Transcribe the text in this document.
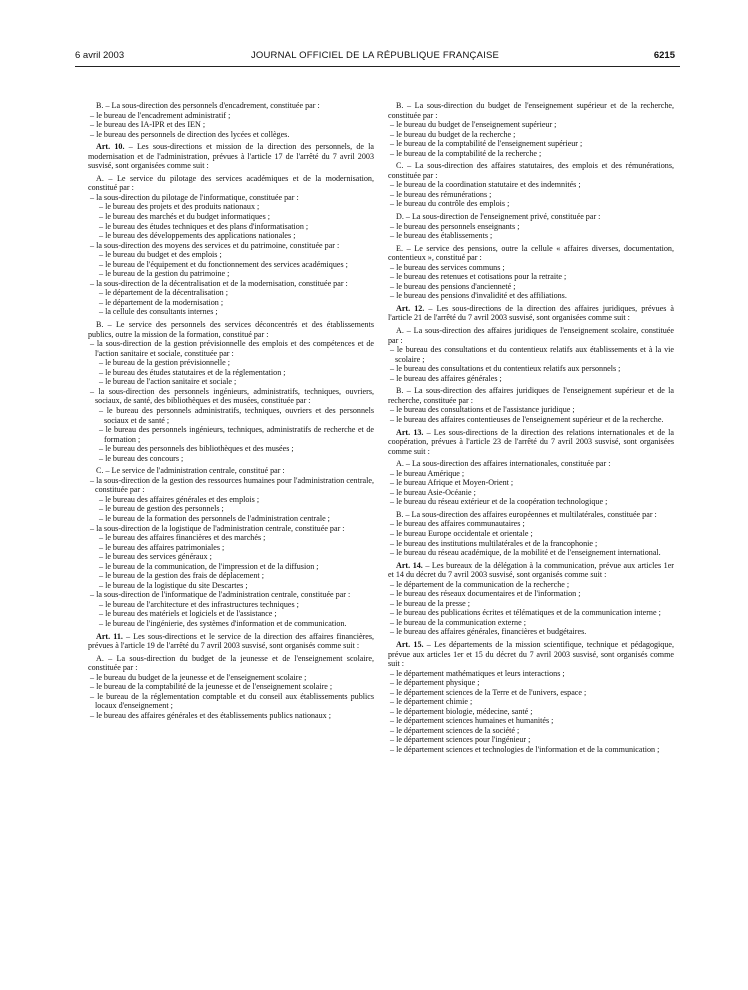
6 avril 2003	JOURNAL OFFICIEL DE LA RÉPUBLIQUE FRANÇAISE	6215
B. – La sous-direction des personnels d'encadrement, constituée par :
– le bureau de l'encadrement administratif ;
– le bureau des IA-IPR et des IEN ;
– le bureau des personnels de direction des lycées et collèges.
Art. 10. – Les sous-directions et mission de la direction des personnels, de la modernisation et de l'administration, prévues à l'article 17 de l'arrêté du 7 avril 2003 susvisé, sont organisées comme suit :
A. – Le service du pilotage des services académiques et de la modernisation, constitué par :
– la sous-direction du pilotage de l'informatique, constituée par :
– le bureau des projets et des produits nationaux ;
– le bureau des marchés et du budget informatiques ;
– le bureau des études techniques et des plans d'informatisation ;
– le bureau des développements des applications nationales ;
– la sous-direction des moyens des services et du patrimoine, constituée par :
– le bureau du budget et des emplois ;
– le bureau de l'équipement et du fonctionnement des services académiques ;
– le bureau de la gestion du patrimoine ;
– la sous-direction de la décentralisation et de la modernisation, constituée par :
– le département de la décentralisation ;
– le département de la modernisation ;
– la cellule des consultants internes ;
B. – Le service des personnels des services déconcentrés et des établissements publics, outre la mission de la formation, constitué par :
– la sous-direction de la gestion prévisionnelle des emplois et des compétences et de l'action sanitaire et sociale, constituée par :
– le bureau de la gestion prévisionnelle ;
– le bureau des études statutaires et de la réglementation ;
– le bureau de l'action sanitaire et sociale ;
– la sous-direction des personnels ingénieurs, administratifs, techniques, ouvriers, sociaux, de santé, des bibliothèques et des musées, constituée par :
– le bureau des personnels administratifs, techniques, ouvriers et des personnels sociaux et de santé ;
– le bureau des personnels ingénieurs, techniques, administratifs de recherche et de formation ;
– le bureau des personnels des bibliothèques et des musées ;
– le bureau des concours ;
C. – Le service de l'administration centrale, constitué par :
– la sous-direction de la gestion des ressources humaines pour l'administration centrale, constituée par :
– le bureau des affaires générales et des emplois ;
– le bureau de gestion des personnels ;
– le bureau de la formation des personnels de l'administration centrale ;
– la sous-direction de la logistique de l'administration centrale, constituée par :
– le bureau des affaires financières et des marchés ;
– le bureau des affaires patrimoniales ;
– le bureau des services généraux ;
– le bureau de la communication, de l'impression et de la diffusion ;
– le bureau de la gestion des frais de déplacement ;
– le bureau de la logistique du site Descartes ;
– la sous-direction de l'informatique de l'administration centrale, constituée par :
– le bureau de l'architecture et des infrastructures techniques ;
– le bureau des matériels et logiciels et de l'assistance ;
– le bureau de l'ingénierie, des systèmes d'information et de communication.
Art. 11. – Les sous-directions et le service de la direction des affaires financières, prévues à l'article 19 de l'arrêté du 7 avril 2003 susvisé, sont organisés comme suit :
A. – La sous-direction du budget de la jeunesse et de l'enseignement scolaire, constituée par :
– le bureau du budget de la jeunesse et de l'enseignement scolaire ;
– le bureau de la comptabilité de la jeunesse et de l'enseignement scolaire ;
– le bureau de la réglementation comptable et du conseil aux établissements publics locaux d'enseignement ;
– le bureau des affaires générales et des établissements publics nationaux ;
B. – La sous-direction du budget de l'enseignement supérieur et de la recherche, constituée par :
– le bureau du budget de l'enseignement supérieur ;
– le bureau du budget de la recherche ;
– le bureau de la comptabilité de l'enseignement supérieur ;
– le bureau de la comptabilité de la recherche ;
C. – La sous-direction des affaires statutaires, des emplois et des rémunérations, constituée par :
– le bureau de la coordination statutaire et des indemnités ;
– le bureau des rémunérations ;
– le bureau du contrôle des emplois ;
D. – La sous-direction de l'enseignement privé, constituée par :
– le bureau des personnels enseignants ;
– le bureau des établissements ;
E. – Le service des pensions, outre la cellule « affaires diverses, documentation, contentieux », constitué par :
– le bureau des services communs ;
– le bureau des retenues et cotisations pour la retraite ;
– le bureau des pensions d'ancienneté ;
– le bureau des pensions d'invalidité et des affiliations.
Art. 12. – Les sous-directions de la direction des affaires juridiques, prévues à l'article 21 de l'arrêté du 7 avril 2003 susvisé, sont organisées comme suit :
A. – La sous-direction des affaires juridiques de l'enseignement scolaire, constituée par :
– le bureau des consultations et du contentieux relatifs aux établissements et à la vie scolaire ;
– le bureau des consultations et du contentieux relatifs aux personnels ;
– le bureau des affaires générales ;
B. – La sous-direction des affaires juridiques de l'enseignement supérieur et de la recherche, constituée par :
– le bureau des consultations et de l'assistance juridique ;
– le bureau des affaires contentieuses de l'enseignement supérieur et de la recherche.
Art. 13. – Les sous-directions de la direction des relations internationales et de la coopération, prévues à l'article 23 de l'arrêté du 7 avril 2003 susvisé, sont organisées comme suit :
A. – La sous-direction des affaires internationales, constituée par :
– le bureau Amérique ;
– le bureau Afrique et Moyen-Orient ;
– le bureau Asie-Océanie ;
– le bureau du réseau extérieur et de la coopération technologique ;
B. – La sous-direction des affaires européennes et multilatérales, constituée par :
– le bureau des affaires communautaires ;
– le bureau Europe occidentale et orientale ;
– le bureau des institutions multilatérales et de la francophonie ;
– le bureau du réseau académique, de la mobilité et de l'enseignement international.
Art. 14. – Les bureaux de la délégation à la communication, prévue aux articles 1er et 14 du décret du 7 avril 2003 susvisé, sont organisés comme suit :
– le département de la communication de la recherche ;
– le bureau des réseaux documentaires et de l'information ;
– le bureau de la presse ;
– le bureau des publications écrites et télématiques et de la communication interne ;
– le bureau de la communication externe ;
– le bureau des affaires générales, financières et budgétaires.
Art. 15. – Les départements de la mission scientifique, technique et pédagogique, prévue aux articles 1er et 15 du décret du 7 avril 2003 susvisé, sont organisés comme suit :
– le département mathématiques et leurs interactions ;
– le département physique ;
– le département sciences de la Terre et de l'univers, espace ;
– le département chimie ;
– le département biologie, médecine, santé ;
– le département sciences humaines et humanités ;
– le département sciences de la société ;
– le département sciences pour l'ingénieur ;
– le département sciences et technologies de l'information et de la communication ;
